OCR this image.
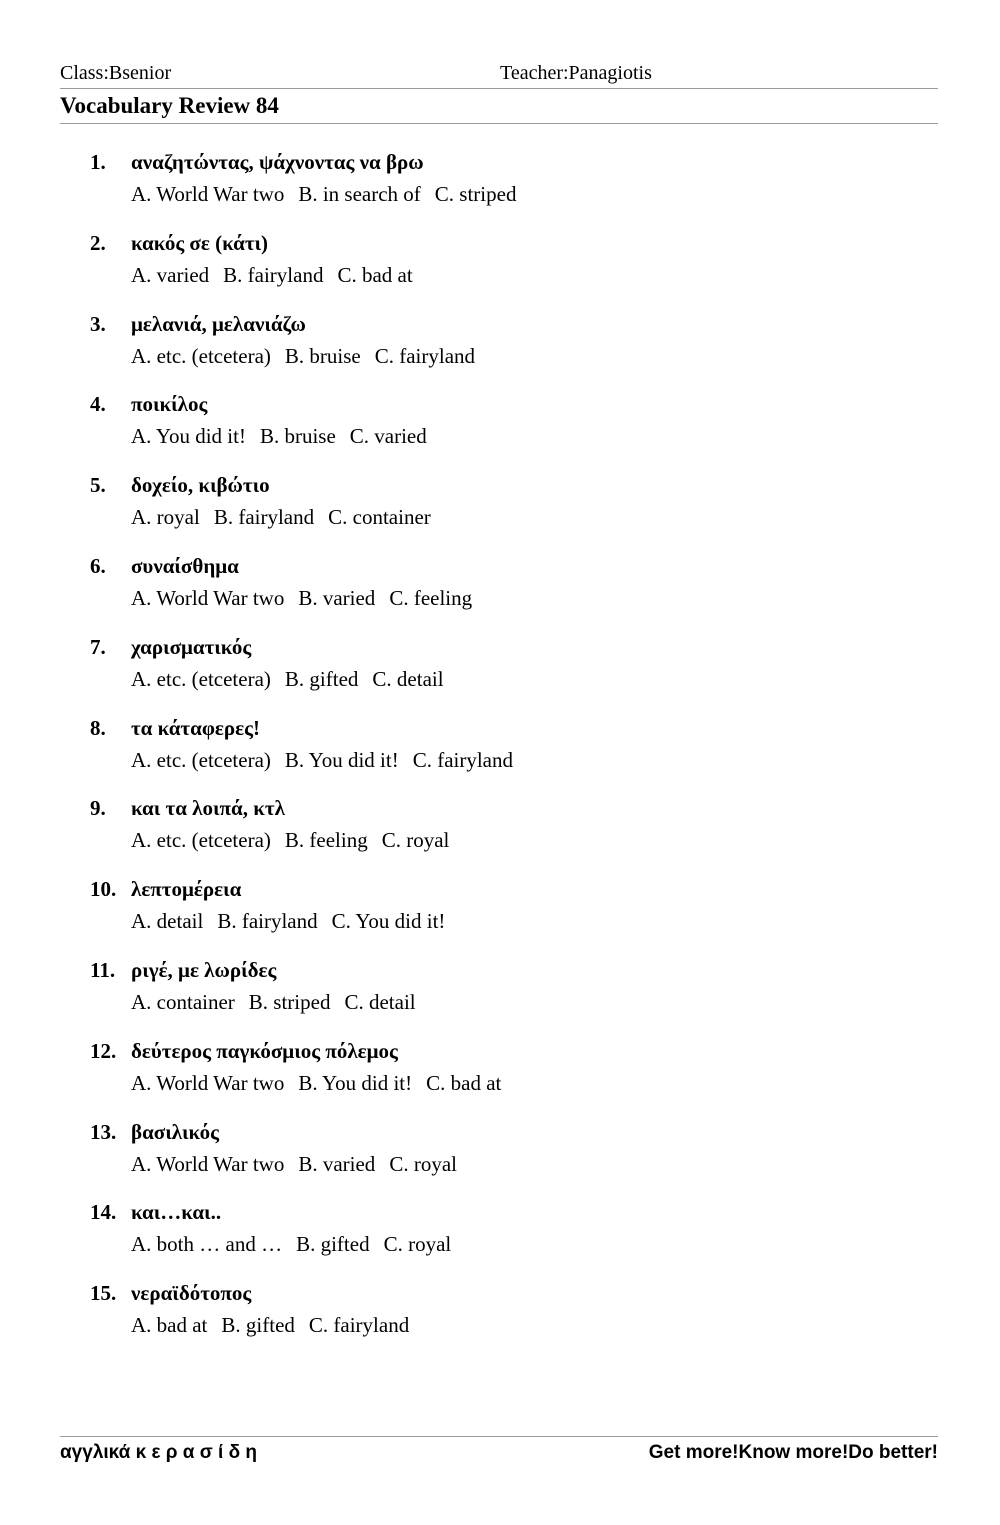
Class:Bsenior	Teacher:Panagiotis
Vocabulary Review 84
1. αναζητώντας, ψάχνοντας να βρω
A. World War two B. in search of C. striped
2. κακός σε (κάτι)
A. varied B. fairyland C. bad at
3. μελανιά, μελανιάζω
A. etc. (etcetera) B. bruise C. fairyland
4. ποικίλος
A. You did it! B. bruise C. varied
5. δοχείο, κιβώτιο
A. royal B. fairyland C. container
6. συναίσθημα
A. World War two B. varied C. feeling
7. χαρισματικός
A. etc. (etcetera) B. gifted C. detail
8. τα κάταφερες!
A. etc. (etcetera) B. You did it! C. fairyland
9. και τα λοιπά, κτλ
A. etc. (etcetera) B. feeling C. royal
10. λεπτομέρεια
A. detail B. fairyland C. You did it!
11. ριγέ, με λωρίδες
A. container B. striped C. detail
12. δεύτερος παγκόσμιος πόλεμος
A. World War two B. You did it! C. bad at
13. βασιλικός
A. World War two B. varied C. royal
14. και…και..
A. both … and … B. gifted C. royal
15. νεραϊδότοπος
A. bad at B. gifted C. fairyland
αγγλικά κ ε ρ α σ ί δ η	Get more!Know more!Do better!
